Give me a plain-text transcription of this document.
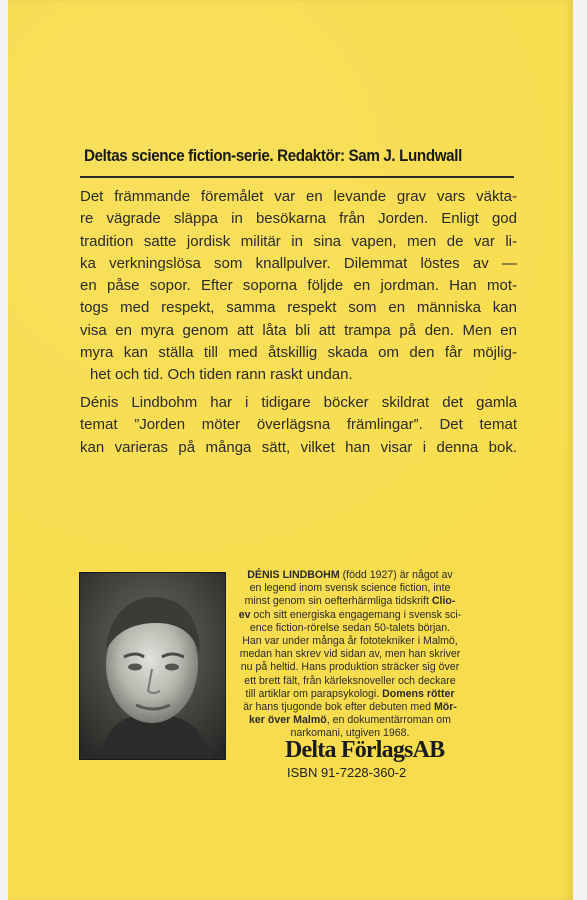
Deltas science fiction-serie. Redaktör: Sam J. Lundwall
Det främmande föremålet var en levande grav vars väkta-
re vägrade släppa in besökarna från Jorden. Enligt god
tradition satte jordisk militär in sina vapen, men de var li-
ka verkningslösa som knallpulver. Dilemmat löstes av —
en påse sopor. Efter soporna följde en jordman. Han mot-
togs med respekt, samma respekt som en människa kan
visa en myra genom att låta bli att trampa på den. Men en
myra kan ställa till med åtskillig skada om den får möjlig-
het och tid. Och tiden rann raskt undan.
Dénis Lindbohm har i tidigare böcker skildrat det gamla
temat ”Jorden möter överlägsna främlingar”. Det temat
kan varieras på många sätt, vilket han visar i denna bok.
DÉNIS LINDBOHM (född 1927) är något av
en legend inom svensk science fiction, inte
minst genom sin oefterhärmliga tidskrift Clio-
ev och sitt energiska engagemang i svensk sci-
ence fiction-rörelse sedan 50-talets början.
Han var under många år fototekniker i Malmö,
medan han skrev vid sidan av, men han skriver
nu på heltid. Hans produktion sträcker sig över
ett brett fält, från kärleksnoveller och deckare
till artiklar om parapsykologi. Domens rötter
är hans tjugonde bok efter debuten med Mör-
ker över Malmö, en dokumentärroman om
narkomani, utgiven 1968.
Delta FörlagsAB
ISBN 91-7228-360-2
